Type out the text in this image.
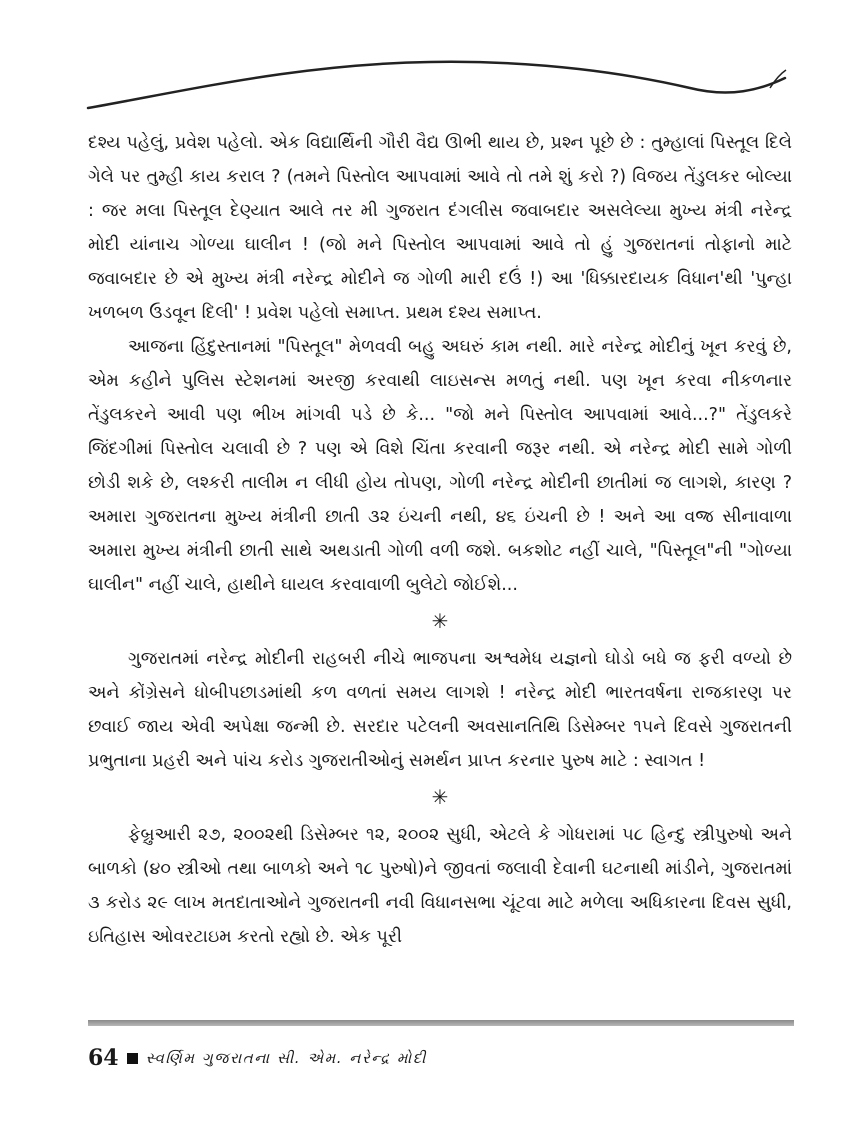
દશ્ય પહેલું, પ્રવેશ પહેલો. એક વિદ્યાર્થિની ગૌરી વૈદ્ય ઊભી થાય છે, પ્રશ્ન પૂછે છે : તુમ્હાલાં પિસ્તૂલ દિલે ગેલે પર તુમ્હી કાય કરાલ ? (તમને પિસ્તોલ આપવામાં આવે તો તમે શું કરો ?) વિજય તેંડુલકર બોલ્યા : જર મલા પિસ્તૂલ દેણ્યાત આલે તર મી ગુજરાત દંગલીસ જવાબદાર અસલેલ્યા મુખ્ય મંત્રી નરેન્દ્ર મોદી યાંનાચ ગોળ્યા ઘાલીન ! (જો મને પિસ્તોલ આપવામાં આવે તો હું ગુજરાતનાં તોફાનો માટે જવાબદાર છે એ મુખ્ય મંત્રી નરેન્દ્ર મોદીને જ ગોળી મારી દઉં !) આ 'ધિક્કારદાયક વિધાન'થી 'પુન્હા ખળબળ ઉડવૂન દિલી' ! પ્રવેશ પહેલો સમાપ્ત. પ્રથમ દશ્ય સમાપ્ત.

આજના હિંદુસ્તાનમાં "પિસ્તૂલ" મેળવવી બહુ અઘરું કામ નથી. મારે નરેન્દ્ર મોદીનું ખૂન કરવું છે, એમ કહીને પુલિસ સ્ટેશનમાં અરજી કરવાથી લાઇસન્સ મળતું નથી. પણ ખૂન કરવા નીકળનાર તેંડુલકરને આવી પણ ભીખ માંગવી પડે છે કે... "જો મને પિસ્તોલ આપવામાં આવે...?" તેંડુલકરે જિંદગીમાં પિસ્તોલ ચલાવી છે ? પણ એ વિશે ચિંતા કરવાની જરૂર નથી. એ નરેન્દ્ર મોદી સામે ગોળી છોડી શકે છે, લશ્કરી તાલીમ ન લીધી હોય તોપણ, ગોળી નરેન્દ્ર મોદીની છાતીમાં જ લાગશે, કારણ ? અમારા ગુજરાતના મુખ્ય મંત્રીની છાતી ૩૨ ઇંચની નથી, ૪૬ ઇંચની છે ! અને આ વજ્ર સીનાવાળા અમારા મુખ્ય મંત્રીની છાતી સાથે અથડાતી ગોળી વળી જશે. બકશોટ નહીં ચાલે, "પિસ્તૂલ"ની "ગોળ્યા ઘાલીન" નહીં ચાલે, હાથીને ઘાયલ કરવાવાળી બુલેટો જોઈશે...

✳

ગુજરાતમાં નરેન્દ્ર મોદીની રાહબરી નીચે ભાજપના અશ્વમેધ યજ્ઞનો ઘોડો બધે જ ફરી વળ્યો છે અને કોંગ્રેસને ધોબીપછાડમાંથી કળ વળતાં સમય લાગશે ! નરેન્દ્ર મોદી ભારતવર્ષના રાજકારણ પર છવાઈ જાય એવી અપેક્ષા જન્મી છે. સરદાર પટેલની અવસાનતિથિ ડિસેમ્બર ૧૫ને દિવસે ગુજરાતની પ્રભુતાના પ્રહરી અને પાંચ કરોડ ગુજરાતીઓનું સમર્થન પ્રાપ્ત કરનાર પુરુષ માટે : સ્વાગત !

✳

ફેબ્રુઆરી ૨૭, ૨૦૦૨થી ડિસેમ્બર ૧૨, ૨૦૦૨ સુધી, એટલે કે ગોધરામાં ૫૮ હિન્દુ સ્ત્રીપુરુષો અને બાળકો (૪૦ સ્ત્રીઓ તથા બાળકો અને ૧૮ પુરુષો)ને જીવતાં જલાવી દેવાની ઘટનાથી માંડીને, ગુજરાતમાં ૩ કરોડ ૨૯ લાખ મતદાતાઓને ગુજરાતની નવી વિધાનસભા ચૂંટવા માટે મળેલા અધિકારના દિવસ સુધી, ઇતિહાસ ઓવરટાઇમ કરતો રહ્યો છે. એક પૂરી

64 સ્વર્ણિમ ગુજરાતના સી. એમ. નરેન્દ્ર મોદી
